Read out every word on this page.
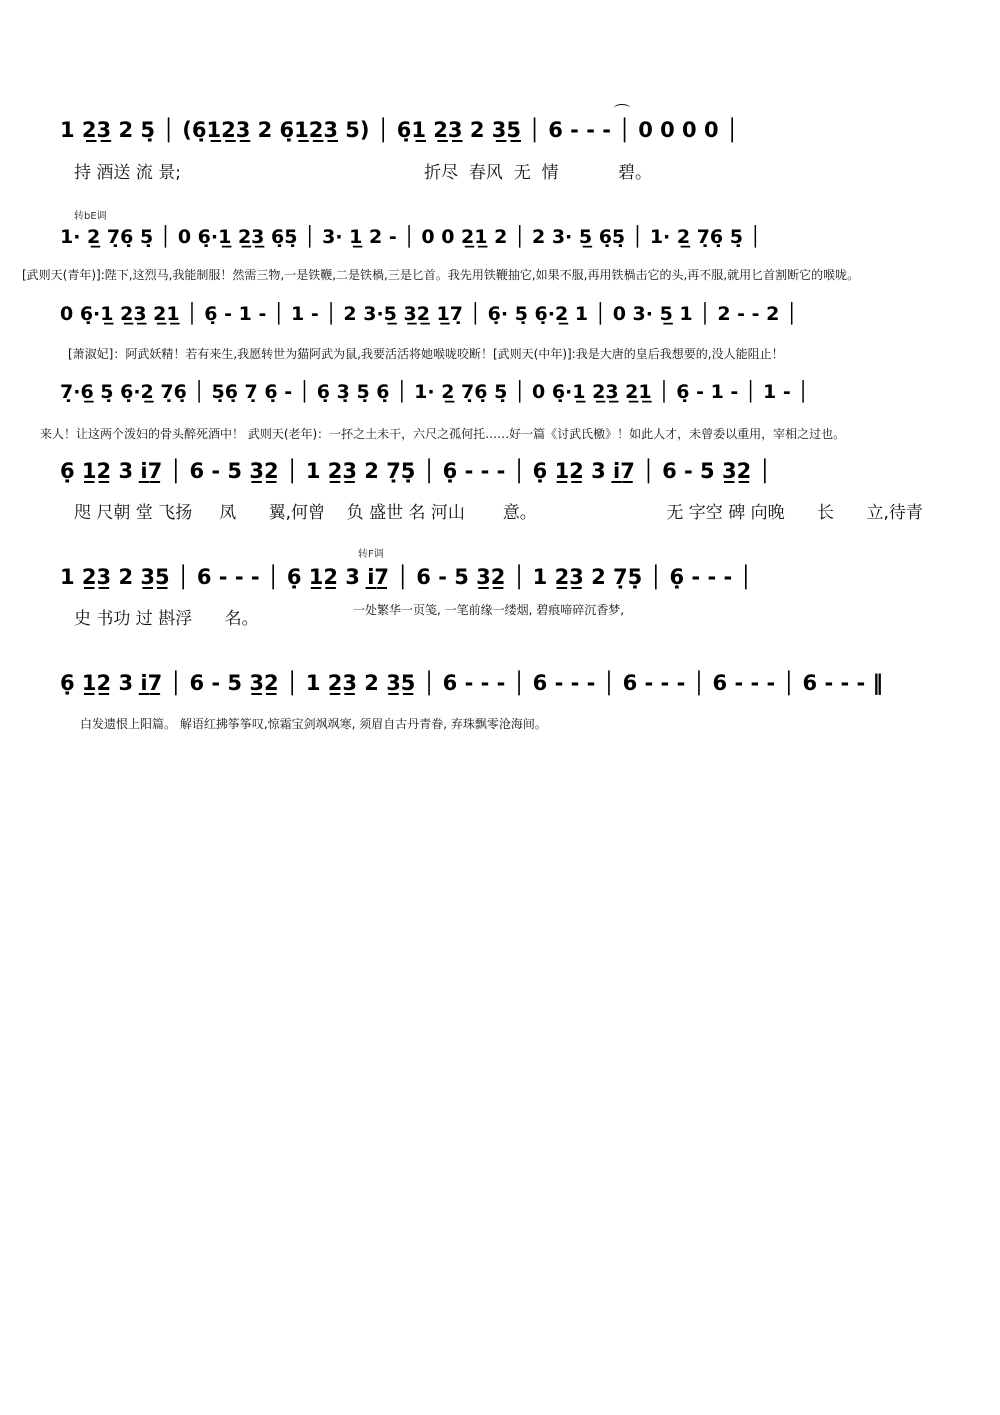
1 2̲3̲ 2 5̣ │ (6̣1̲2̲3̲ 2 6̣1̲2̲3̲ 5) │ 6̣1̲ 2̲3̲ 2 3̲5̲ │ 6 - - - │ 0 0 0 0 │
持 酒送 流 景;                                             折尽  春风  无  情           碧。
转bE调
1· 2̲ 7̣6̣ 5̣ │ 0 6̣·1̲ 2̲3̲ 6̣5̣ │ 3· 1̲ 2 - │ 0 0 2̲1̲ 2 │ 2 3· 5̲ 6̣5̣ │ 1· 2̲ 7̣6̣ 5̣ │
[武则天(青年)]:陛下,这烈马,我能制服！然需三物,一是铁鞭,二是铁楇,三是匕首。我先用铁鞭抽它,如果不服,再用铁楇击它的头,再不服,就用匕首割断它的喉咙。
0 6̣·1̲ 2̲3̲ 2̲1̲ │ 6̣ - 1 - │ 1 - │ 2 3·5̲ 3̲2̲ 1̲7̣ │ 6̣· 5̣ 6̣·2̲ 1 │ 0 3· 5̲ 1 │ 2 - - 2 │
[萧淑妃]：阿武妖精！若有来生,我愿转世为猫阿武为鼠,我要活活将她喉咙咬断！[武则天(中年)]:我是大唐的皇后我想要的,没人能阻止！
7̣·6̲ 5̣ 6̣·2̲ 7̣6̣ │ 5̣6̣ 7̣ 6̣ - │ 6̣ 3̣ 5̣ 6̣ │ 1· 2̲ 7̣6̣ 5̣ │ 0 6̣·1̲ 2̲3̲ 2̲1̲ │ 6̣ - 1 - │ 1 - │
来人！让这两个泼妇的骨头醉死酒中！ 武则天(老年)：一抔之土未干，六尺之孤何托……好一篇《讨武氏檄》！如此人才，未曾委以重用，宰相之过也。
6̣ 1̲2̲ 3 i̲̇7̲ │ 6 - 5 3̲2̲ │ 1 2̲3̲ 2 7̣5̣ │ 6̣ - - - │ 6̣ 1̲2̲ 3 i̲̇7̲ │ 6 - 5 3̲2̲ │
咫 尺朝 堂 飞扬     凤      翼,何曾    负 盛世 名 河山       意。                        无 字空 碑 向晚      长      立,待青
转F调
1 2̲3̲ 2 3̲5̲ │ 6 - - - │ 6̣ 1̲2̲ 3 i̲̇7̲ │ 6 - 5 3̲2̲ │ 1 2̲3̲ 2 7̣5̣ │ 6̣ - - - │
史 书功 过 斟浮      名。	一处繁华一页笺, 一笔前缘一缕烟, 碧痕啼碎沉香梦,
6̣ 1̲2̲ 3 i̲̇7̲ │ 6 - 5 3̲2̲ │ 1 2̲3̲ 2 3̲5̲ │ 6 - - - │ 6 - - - │ 6 - - - │ 6 - - - │ 6 - - - ‖
白发遗恨上阳篇。 解语红拂筝筝叹,惊霜宝剑飒飒寒, 须眉自古丹青眷, 弃珠飘零沧海间。
